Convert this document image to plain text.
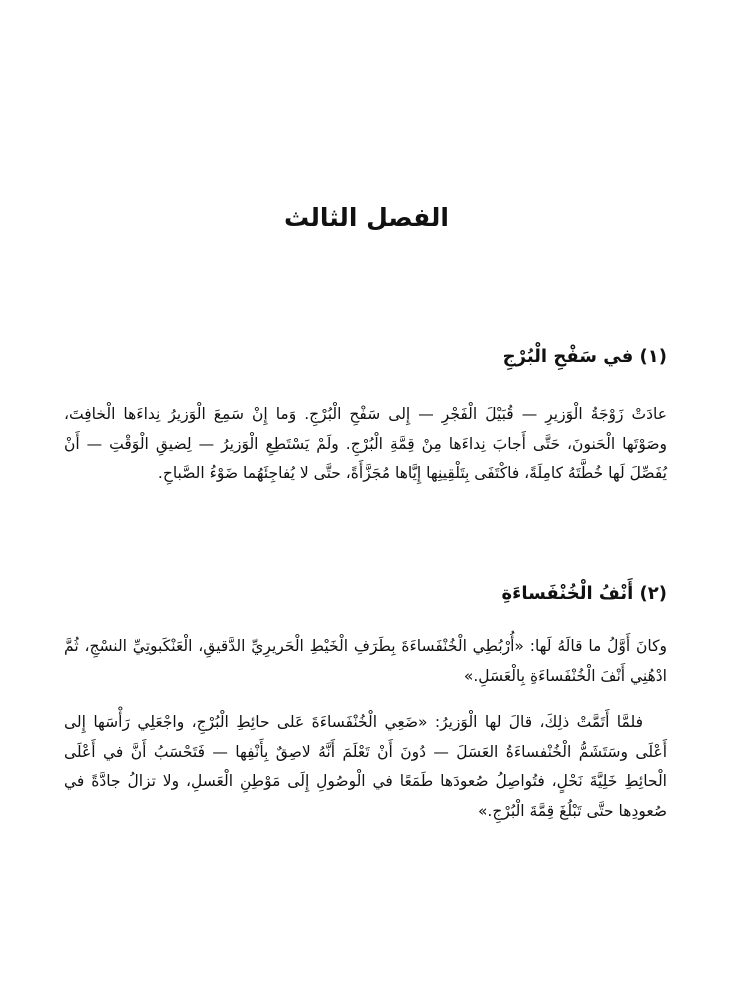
الفصل الثالث
(١) في سَفْحِ الْبُرْجِ

عادَتْ زَوْجَةُ الْوَزيرِ — قُبَيْلَ الْفَجْرِ — إِلى سَفْحِ الْبُرْجِ. وَما إِنْ سَمِعَ الْوَزيرُ نِداءَها الْخافِتَ، وصَوْتَها الْحَنونَ، حَتَّى أَجابَ نِداءَها مِنْ قِمَّةِ الْبُرْجِ. ولَمْ يَسْتَطِعِ الْوَزيرُ — لِضيقِ الْوَقْتِ — أَنْ يُفَصِّلَ لَها خُطَّتَهُ كامِلَةً، فاكْتَفَى بِتَلْقِينِها إِيَّاها مُجَزَّأَةً، حتَّى لا يُفاجِئَهُما ضَوْءُ الصَّباحِ.

(٢) أَنْفُ الْخُنْفَساءَةِ

وكانَ أَوَّلُ ما قالَهُ لَها: «أُرْبُطِي الْخُنْفَساءَةَ بِطَرَفِ الْخَيْطِ الْحَريرِيِّ الدَّقيقِ، الْعَنْكَبوتِيِّ النسْجِ، ثُمَّ ادْهُنِي أَنْفَ الْخُنْفَساءَةِ بِالْعَسَلِ.»

فلمَّا أَتَمَّتْ ذلِكَ، قالَ لها الْوَزيرُ: «ضَعِي الْخُنْفَساءَةَ عَلى حائِطِ الْبُرْجِ، واجْعَلِي رَأْسَها إِلى أَعْلَى وسَتَشَمُّ الْخُنْفساءَةُ العَسَلَ — دُونَ أَنْ تَعْلَمَ أَنَّهُ لاصِقٌ بِأَنْفِها — فَتَحْسَبُ أَنَّ في أَعْلَى الْحائِطِ خَلِيَّةَ نَحْلٍ، فتُواصِلُ صُعودَها طَمَعًا في الْوصُولِ إِلَى مَوْطِنِ الْعَسلِ، ولا تزالُ جادَّةً في صُعودِها حتَّى تَبْلُغَ قِمَّةَ الْبُرْجِ.»
